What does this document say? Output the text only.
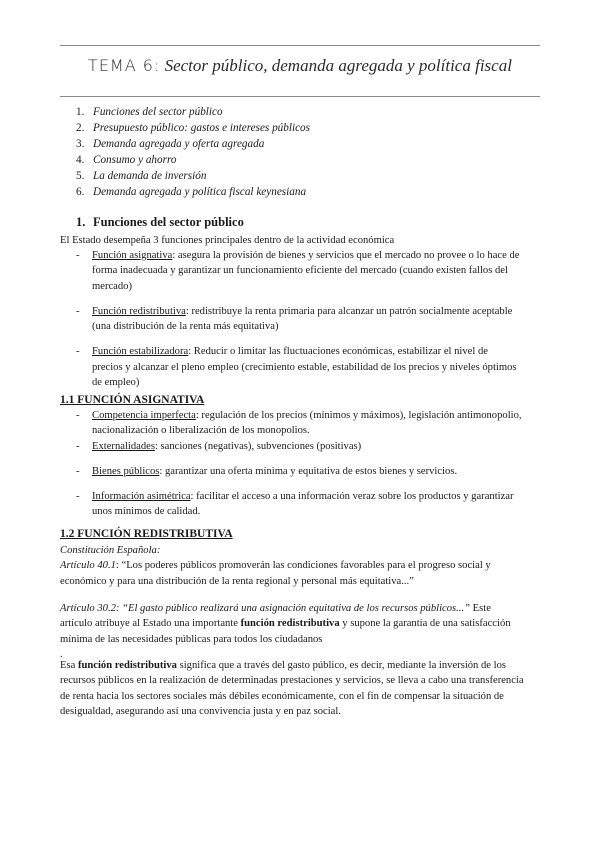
TEMA 6: Sector público, demanda agregada y política fiscal
1. Funciones del sector público
2. Presupuesto público: gastos e intereses públicos
3. Demanda agregada y oferta agregada
4. Consumo y ahorro
5. La demanda de inversión
6. Demanda agregada y política fiscal keynesiana
1. Funciones del sector público
El Estado desempeña 3 funciones principales dentro de la actividad económica
- Función asignativa: asegura la provisión de bienes y servicios que el mercado no provee o lo hace de
forma inadecuada y garantizar un funcionamiento eficiente del mercado (cuando existen fallos del
mercado)
- Función redistributiva: redistribuye la renta primaria para alcanzar un patrón socialmente aceptable
(una distribución de la renta más equitativa)
- Función estabilizadora: Reducir o limitar las fluctuaciones económicas, estabilizar el nivel de
precios y alcanzar el pleno empleo (crecimiento estable, estabilidad de los precios y niveles óptimos
de empleo)
1.1 FUNCIÓN ASIGNATIVA
- Competencia imperfecta: regulación de los precios (mínimos y máximos), legislación antimonopolio,
nacionalización o liberalización de los monopolios.
- Externalidades: sanciones (negativas), subvenciones (positivas)
- Bienes públicos: garantizar una oferta mínima y equitativa de estos bienes y servicios.
- Información asimétrica: facilitar el acceso a una información veraz sobre los productos y garantizar
unos mínimos de calidad.
1.2 FUNCIÓN REDISTRIBUTIVA
Constitución Española:
Artículo 40.1: “Los poderes públicos promoverán las condiciones favorables para el progreso social y
económico y para una distribución de la renta regional y personal más equitativa...”
Artículo 30.2: “El gasto público realizará una asignación equitativa de los recursos públicos...” Este
artículo atribuye al Estado una importante función redistributiva y supone la garantía de una satisfacción
mínima de las necesidades públicas para todos los ciudadanos
.
Esa función redistributiva significa que a través del gasto público, es decir, mediante la inversión de los
recursos públicos en la realización de determinadas prestaciones y servicios, se lleva a cabo una transferencia
de renta hacia los sectores sociales más débiles económicamente, con el fin de compensar la situación de
desigualdad, asegurando así una convivencia justa y en paz social.
